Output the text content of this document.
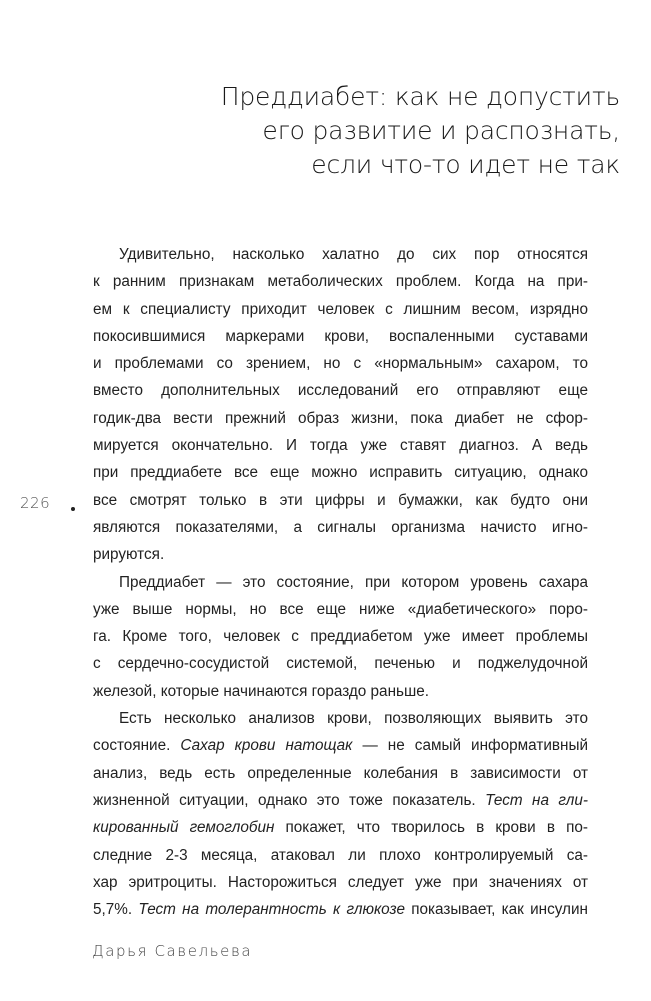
Преддиабет: как не допустить
его развитие и распознать,
если что-то идет не так
226
Удивительно, насколько халатно до сих пор относятся
к ранним признакам метаболических проблем. Когда на при-
ем к специалисту приходит человек с лишним весом, изрядно
покосившимися маркерами крови, воспаленными суставами
и проблемами со зрением, но с «нормальным» сахаром, то
вместо дополнительных исследований его отправляют еще
годик-два вести прежний образ жизни, пока диабет не сфор-
мируется окончательно. И тогда уже ставят диагноз. А ведь
при преддиабете все еще можно исправить ситуацию, однако
все смотрят только в эти цифры и бумажки, как будто они
являются показателями, а сигналы организма начисто игно-
рируются.
Преддиабет — это состояние, при котором уровень сахара
уже выше нормы, но все еще ниже «диабетического» поро-
га. Кроме того, человек с преддиабетом уже имеет проблемы
с сердечно-сосудистой системой, печенью и поджелудочной
железой, которые начинаются гораздо раньше.
Есть несколько анализов крови, позволяющих выявить это
состояние. Сахар крови натощак — не самый информативный
анализ, ведь есть определенные колебания в зависимости от
жизненной ситуации, однако это тоже показатель. Тест на гли-
кированный гемоглобин покажет, что творилось в крови в по-
следние 2-3 месяца, атаковал ли плохо контролируемый са-
хар эритроциты. Насторожиться следует уже при значениях от
5,7%. Тест на толерантность к глюкозе показывает, как инсулин
Дарья Савельева
